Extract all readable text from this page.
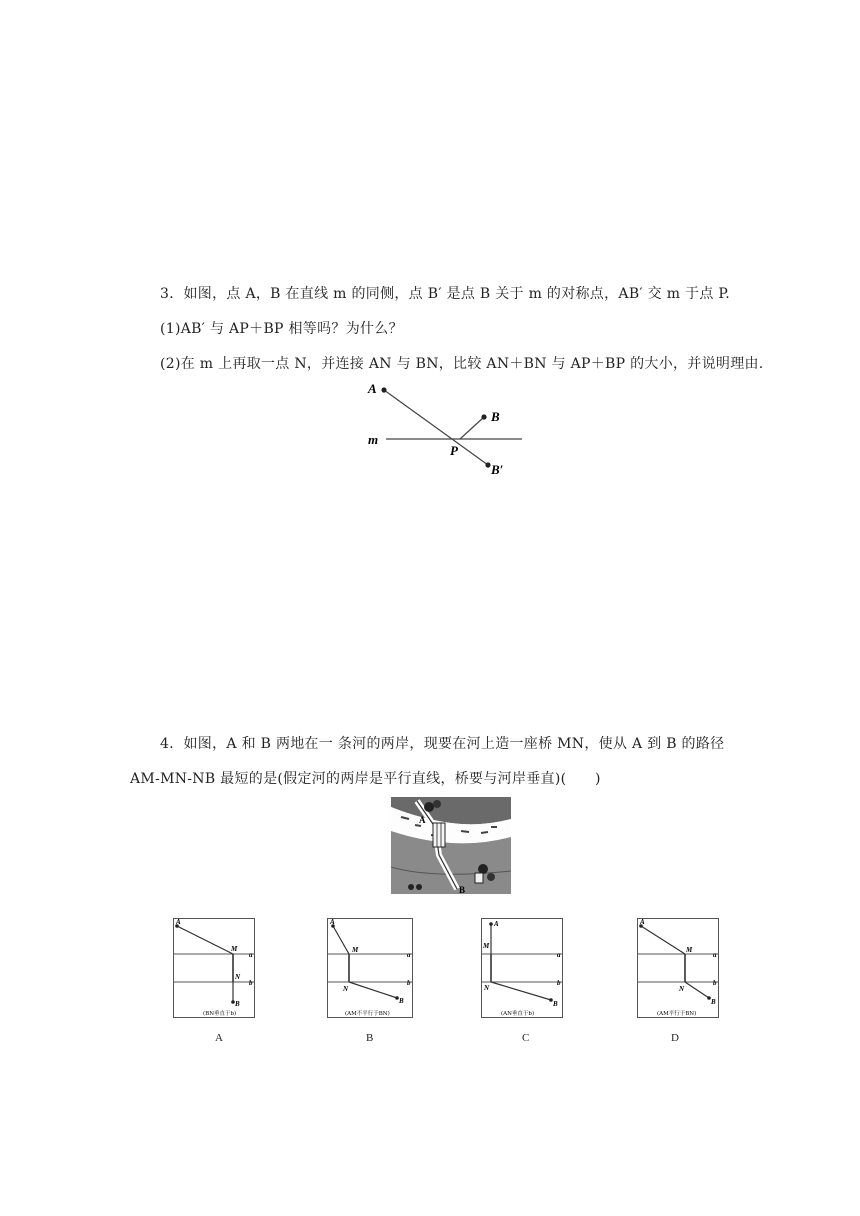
3．如图，点 A，B 在直线 m 的同侧，点 B′ 是点 B 关于 m 的对称点，AB′ 交 m 于点 P.
(1)AB′ 与 AP＋BP 相等吗？为什么？
(2)在 m 上再取一点 N，并连接 AN 与 BN，比较 AN＋BN 与 AP＋BP 的大小，并说明理由.
A
B
B′
P
m
4．如图，A 和 B 两地在一 条河的两岸，现要在河上造一座桥 MN，使从 A 到 B 的路径
AM-MN-NB 最短的是(假定河的两岸是平行直线，桥要与河岸垂直)(　　)
A
B
A
M
N
B
a
b
(BN垂直于b)
A
A
M
N
B
a
b
(AM不平行于BN)
B
A
M
N
B
a
b
(AN垂直于b)
C
A
M
N
B
a
b
(AM平行于BN)
D
